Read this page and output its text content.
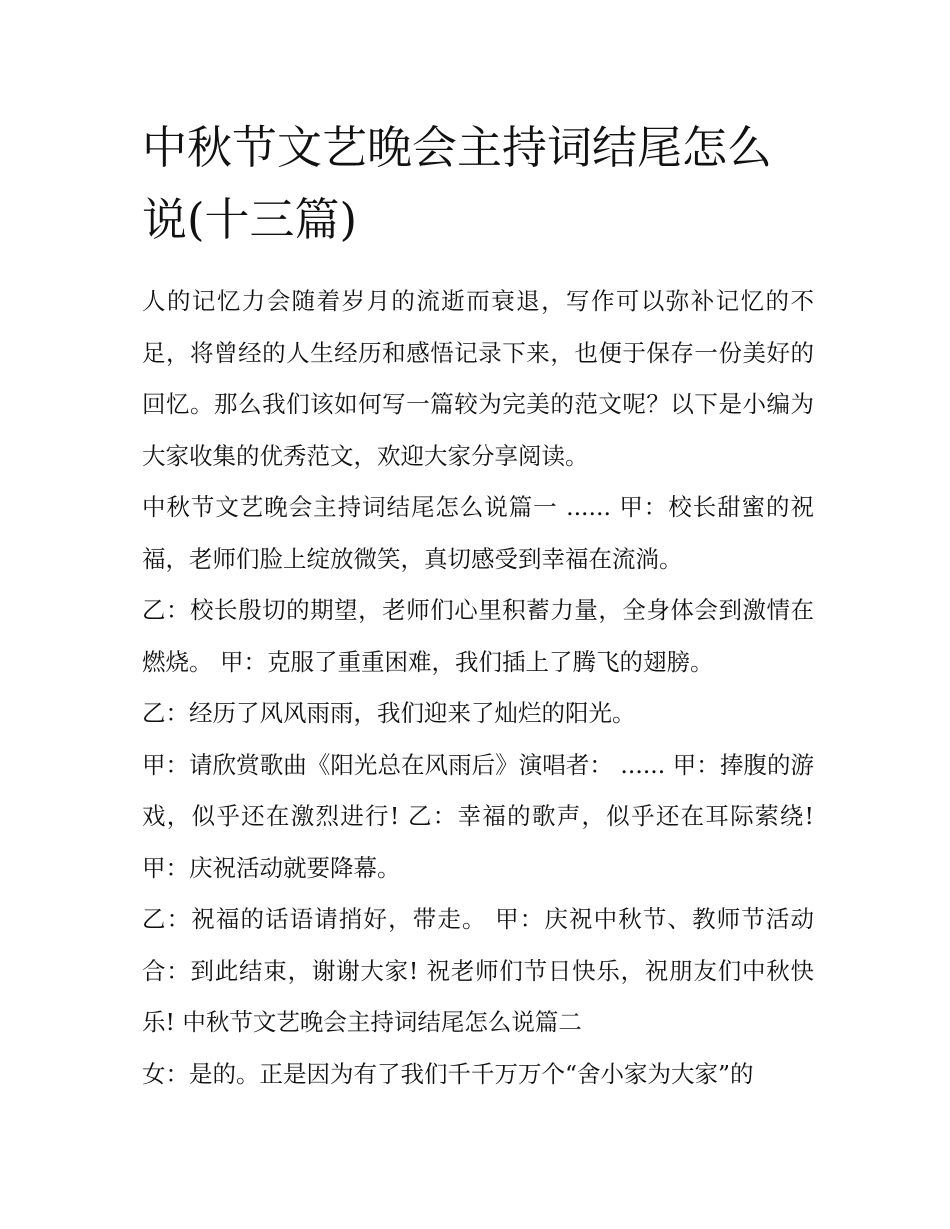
中秋节文艺晚会主持词结尾怎么说(十三篇)

人的记忆力会随着岁月的流逝而衰退，写作可以弥补记忆的不足，将曾经的人生经历和感悟记录下来，也便于保存一份美好的回忆。那么我们该如何写一篇较为完美的范文呢？以下是小编为大家收集的优秀范文，欢迎大家分享阅读。

中秋节文艺晚会主持词结尾怎么说篇一 ...... 甲：校长甜蜜的祝福，老师们脸上绽放微笑，真切感受到幸福在流淌。

乙：校长殷切的期望，老师们心里积蓄力量，全身体会到激情在燃烧。 甲：克服了重重困难，我们插上了腾飞的翅膀。

乙：经历了风风雨雨，我们迎来了灿烂的阳光。

甲：请欣赏歌曲《阳光总在风雨后》演唱者： ...... 甲：捧腹的游戏，似乎还在激烈进行! 乙：幸福的歌声，似乎还在耳际萦绕! 甲：庆祝活动就要降幕。

乙：祝福的话语请捎好，带走。 甲：庆祝中秋节、教师节活动 合：到此结束，谢谢大家! 祝老师们节日快乐，祝朋友们中秋快乐! 中秋节文艺晚会主持词结尾怎么说篇二

女：是的。正是因为有了我们千千万万个“舍小家为大家”的
